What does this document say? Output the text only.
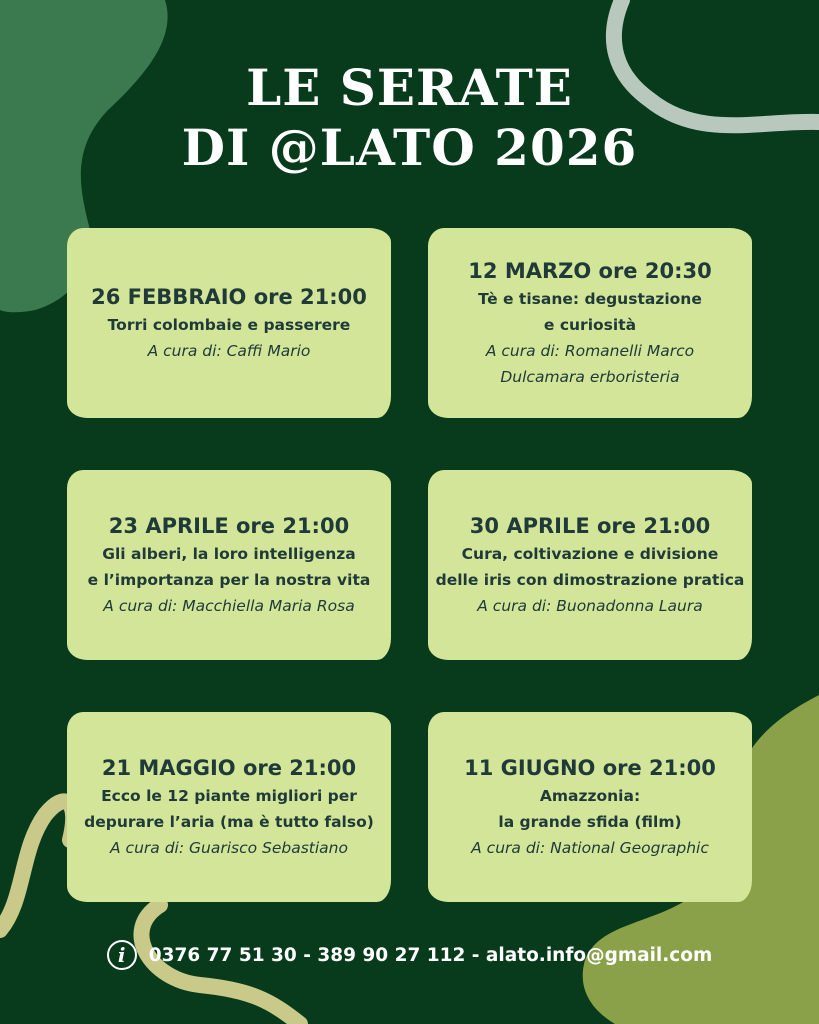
LE SERATE
DI @LATO 2026
26 FEBBRAIO ore 21:00
Torri colombaie e passerere
A cura di: Caffi Mario
12 MARZO ore 20:30
Tè e tisane: degustazione
e curiosità
A cura di: Romanelli Marco
Dulcamara erboristeria
23 APRILE ore 21:00
Gli alberi, la loro intelligenza
e l’importanza per la nostra vita
A cura di: Macchiella Maria Rosa
30 APRILE ore 21:00
Cura, coltivazione e divisione
delle iris con dimostrazione pratica
A cura di: Buonadonna Laura
21 MAGGIO ore 21:00
Ecco le 12 piante migliori per
depurare l’aria (ma è tutto falso)
A cura di: Guarisco Sebastiano
11 GIUGNO ore 21:00
Amazzonia:
la grande sfida (film)
A cura di: National Geographic
i	0376 77 51 30 - 389 90 27 112 - alato.info@gmail.com
